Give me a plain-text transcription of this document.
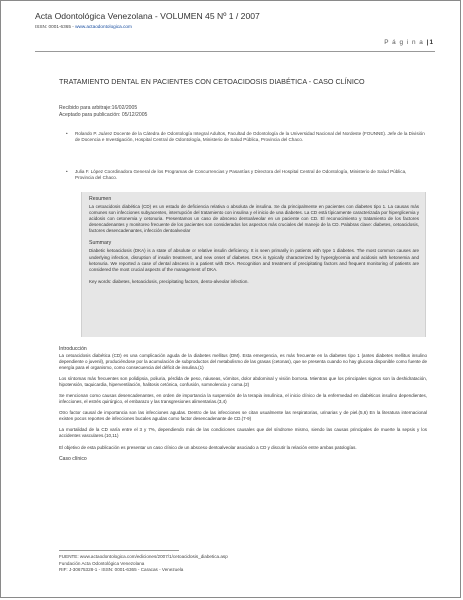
Acta Odontológica Venezolana - VOLUMEN 45 Nº 1 / 2007
ISSN: 0001-6365 - www.actaodontologica.com
P á g i n a |1
TRATAMIENTO DENTAL EN PACIENTES CON CETOACIDOSIS DIABÉTICA - CASO CLÍNICO
Recibido para arbitraje:16/02/2005
Aceptado para publicación: 05/12/2005
• Rolando P. Juárez Docente de la Cátedra de Odontología Integral Adultos, Facultad de Odontología de la Universidad Nacional del Nordeste (FOUNNE). Jefe de la División de Docencia e Investigación, Hospital Central de Odontología, Ministerio de Salud Pública, Provincia del Chaco.
• Julia F. López Coordinadora General de los Programas de Concurrencias y Pasantías y Directora del Hospital Central de Odontología, Ministerio de Salud Pública, Provincia del Chaco.
Resumen
La cetoacidosis diabética (CD) es un estado de deficiencia relativa o absoluta de insulina. Se da principalmente en pacientes con diabetes tipo 1. La causas más comunes son infecciones subyacentes, interrupción del tratamiento con insulina y el inicio de una diabetes. La CD está típicamente caracterizada por hiperglicemia y acidosis con cetonemia y cetonuria. Presentamos un caso de absceso dentoalveolar en un paciente con CD. El reconocimiento y tratamiento de los factores desencadenantes y monitoreo frecuente de los pacientes son considerados los aspectos más cruciales del manejo de la CD. Palabras clave: diabetes, cetoacidosis, factores desencadenantes, infección dentoalveolar
Summary
Diabetic ketoacidosis (DKA) is a state of absolute or relative insulin deficiency. It is seen primarily in patients with type 1 diabetes. The most common causes are underlying infection, disruption of insulin treatment, and new onset of diabetes. DKA is typically characterized by hyperglycemia and acidosis with ketonemia and ketonuria. We reported a case of dental abscess in a patient with DKA. Recognition and treatment of precipitating factors and frequent monitoring of patients are considered the most crucial aspects of the management of DKA.
Key words: diabetes, ketoacidosis, precipitating factors, dento-alveolar infection.
Introducción

La cetoacidosis diabética (CD) es una complicación aguda de la diabetes mellitus (DM). Esta emergencia, es más frecuente en la diabetes tipo 1 (antes diabetes mellitus insulino dependiente o juvenil), produciéndose por la acumulación de subproductos del metabolismo de las grasas (cetonas), que se presenta cuando no hay glucosa disponible como fuente de energía para el organismo, como consecuencia del déficit de insulina.(1)

Los síntomas más frecuentes son polidipsia, poliuria, pérdida de peso, náuseas, vómitos, dolor abdominal y visión borrosa. Mientras que los principales signos son la deshidratación, hipotensión, taquicardia, hiperventilación, halitosis cetónica, confusión, somnolencia y coma.(2)

Se mencionan como causas desencadenantes, en orden de importancia la suspensión de la terapia insulínica, el inicio clínico de la enfermedad en diabéticos insulino dependientes, infecciones, el estrés quirúrgico, el embarazo y las transgresiones alimentarias.(3,4)

Otro factor causal de importancia son las infecciones agudas. Dentro de las infecciones se citan usualmente las respiratorias, urinarias y de piel.(5,6) En la literatura internacional existen pocos reportes de infecciones bucales agudas como factor desencadenante de CD.(7-9)

La mortalidad de la CD varía entre el 3 y 7%, dependiendo más de las condiciones causales que del síndrome mismo, siendo las causas principales de muerte la sepsis y los accidentes vasculares.(10,11)

El objetivo de esta publicación es presentar un caso clínico de un absceso dentoalveolar asociado a CD y discutir la relación entre ambas patologías.

Caso clínico
FUENTE: www.actaodontologica.com/ediciones/2007/1/cetoacidosis_diabetica.asp
Fundación Acta Odontológica Venezolana
RIF: J-30675328-1 - ISSN: 0001-6365 - Caracas - Venezuela
